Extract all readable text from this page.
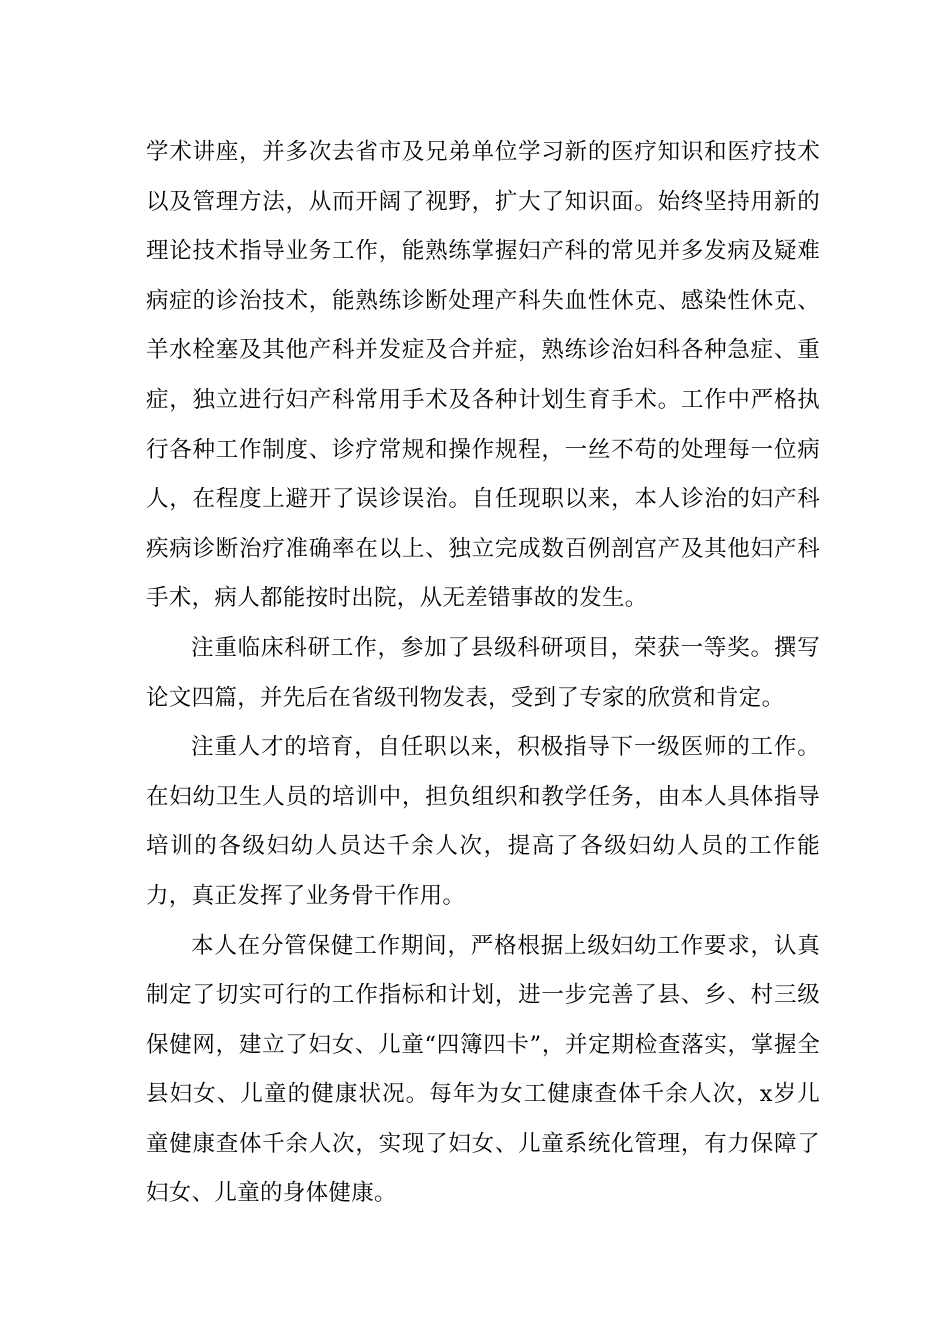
学术讲座，并多次去省市及兄弟单位学习新的医疗知识和医疗技术以及管理方法，从而开阔了视野，扩大了知识面。始终坚持用新的理论技术指导业务工作，能熟练掌握妇产科的常见并多发病及疑难病症的诊治技术，能熟练诊断处理产科失血性休克、感染性休克、羊水栓塞及其他产科并发症及合并症，熟练诊治妇科各种急症、重症，独立进行妇产科常用手术及各种计划生育手术。工作中严格执行各种工作制度、诊疗常规和操作规程，一丝不苟的处理每一位病人，在程度上避开了误诊误治。自任现职以来，本人诊治的妇产科疾病诊断治疗准确率在以上、独立完成数百例剖宫产及其他妇产科手术，病人都能按时出院，从无差错事故的发生。

注重临床科研工作，参加了县级科研项目，荣获一等奖。撰写论文四篇，并先后在省级刊物发表，受到了专家的欣赏和肯定。

注重人才的培育，自任职以来，积极指导下一级医师的工作。在妇幼卫生人员的培训中，担负组织和教学任务，由本人具体指导培训的各级妇幼人员达千余人次，提高了各级妇幼人员的工作能力，真正发挥了业务骨干作用。

本人在分管保健工作期间，严格根据上级妇幼工作要求，认真制定了切实可行的工作指标和计划，进一步完善了县、乡、村三级保健网，建立了妇女、儿童“四簿四卡”，并定期检查落实，掌握全县妇女、儿童的健康状况。每年为女工健康查体千余人次，x岁儿童健康查体千余人次，实现了妇女、儿童系统化管理，有力保障了妇女、儿童的身体健康。
